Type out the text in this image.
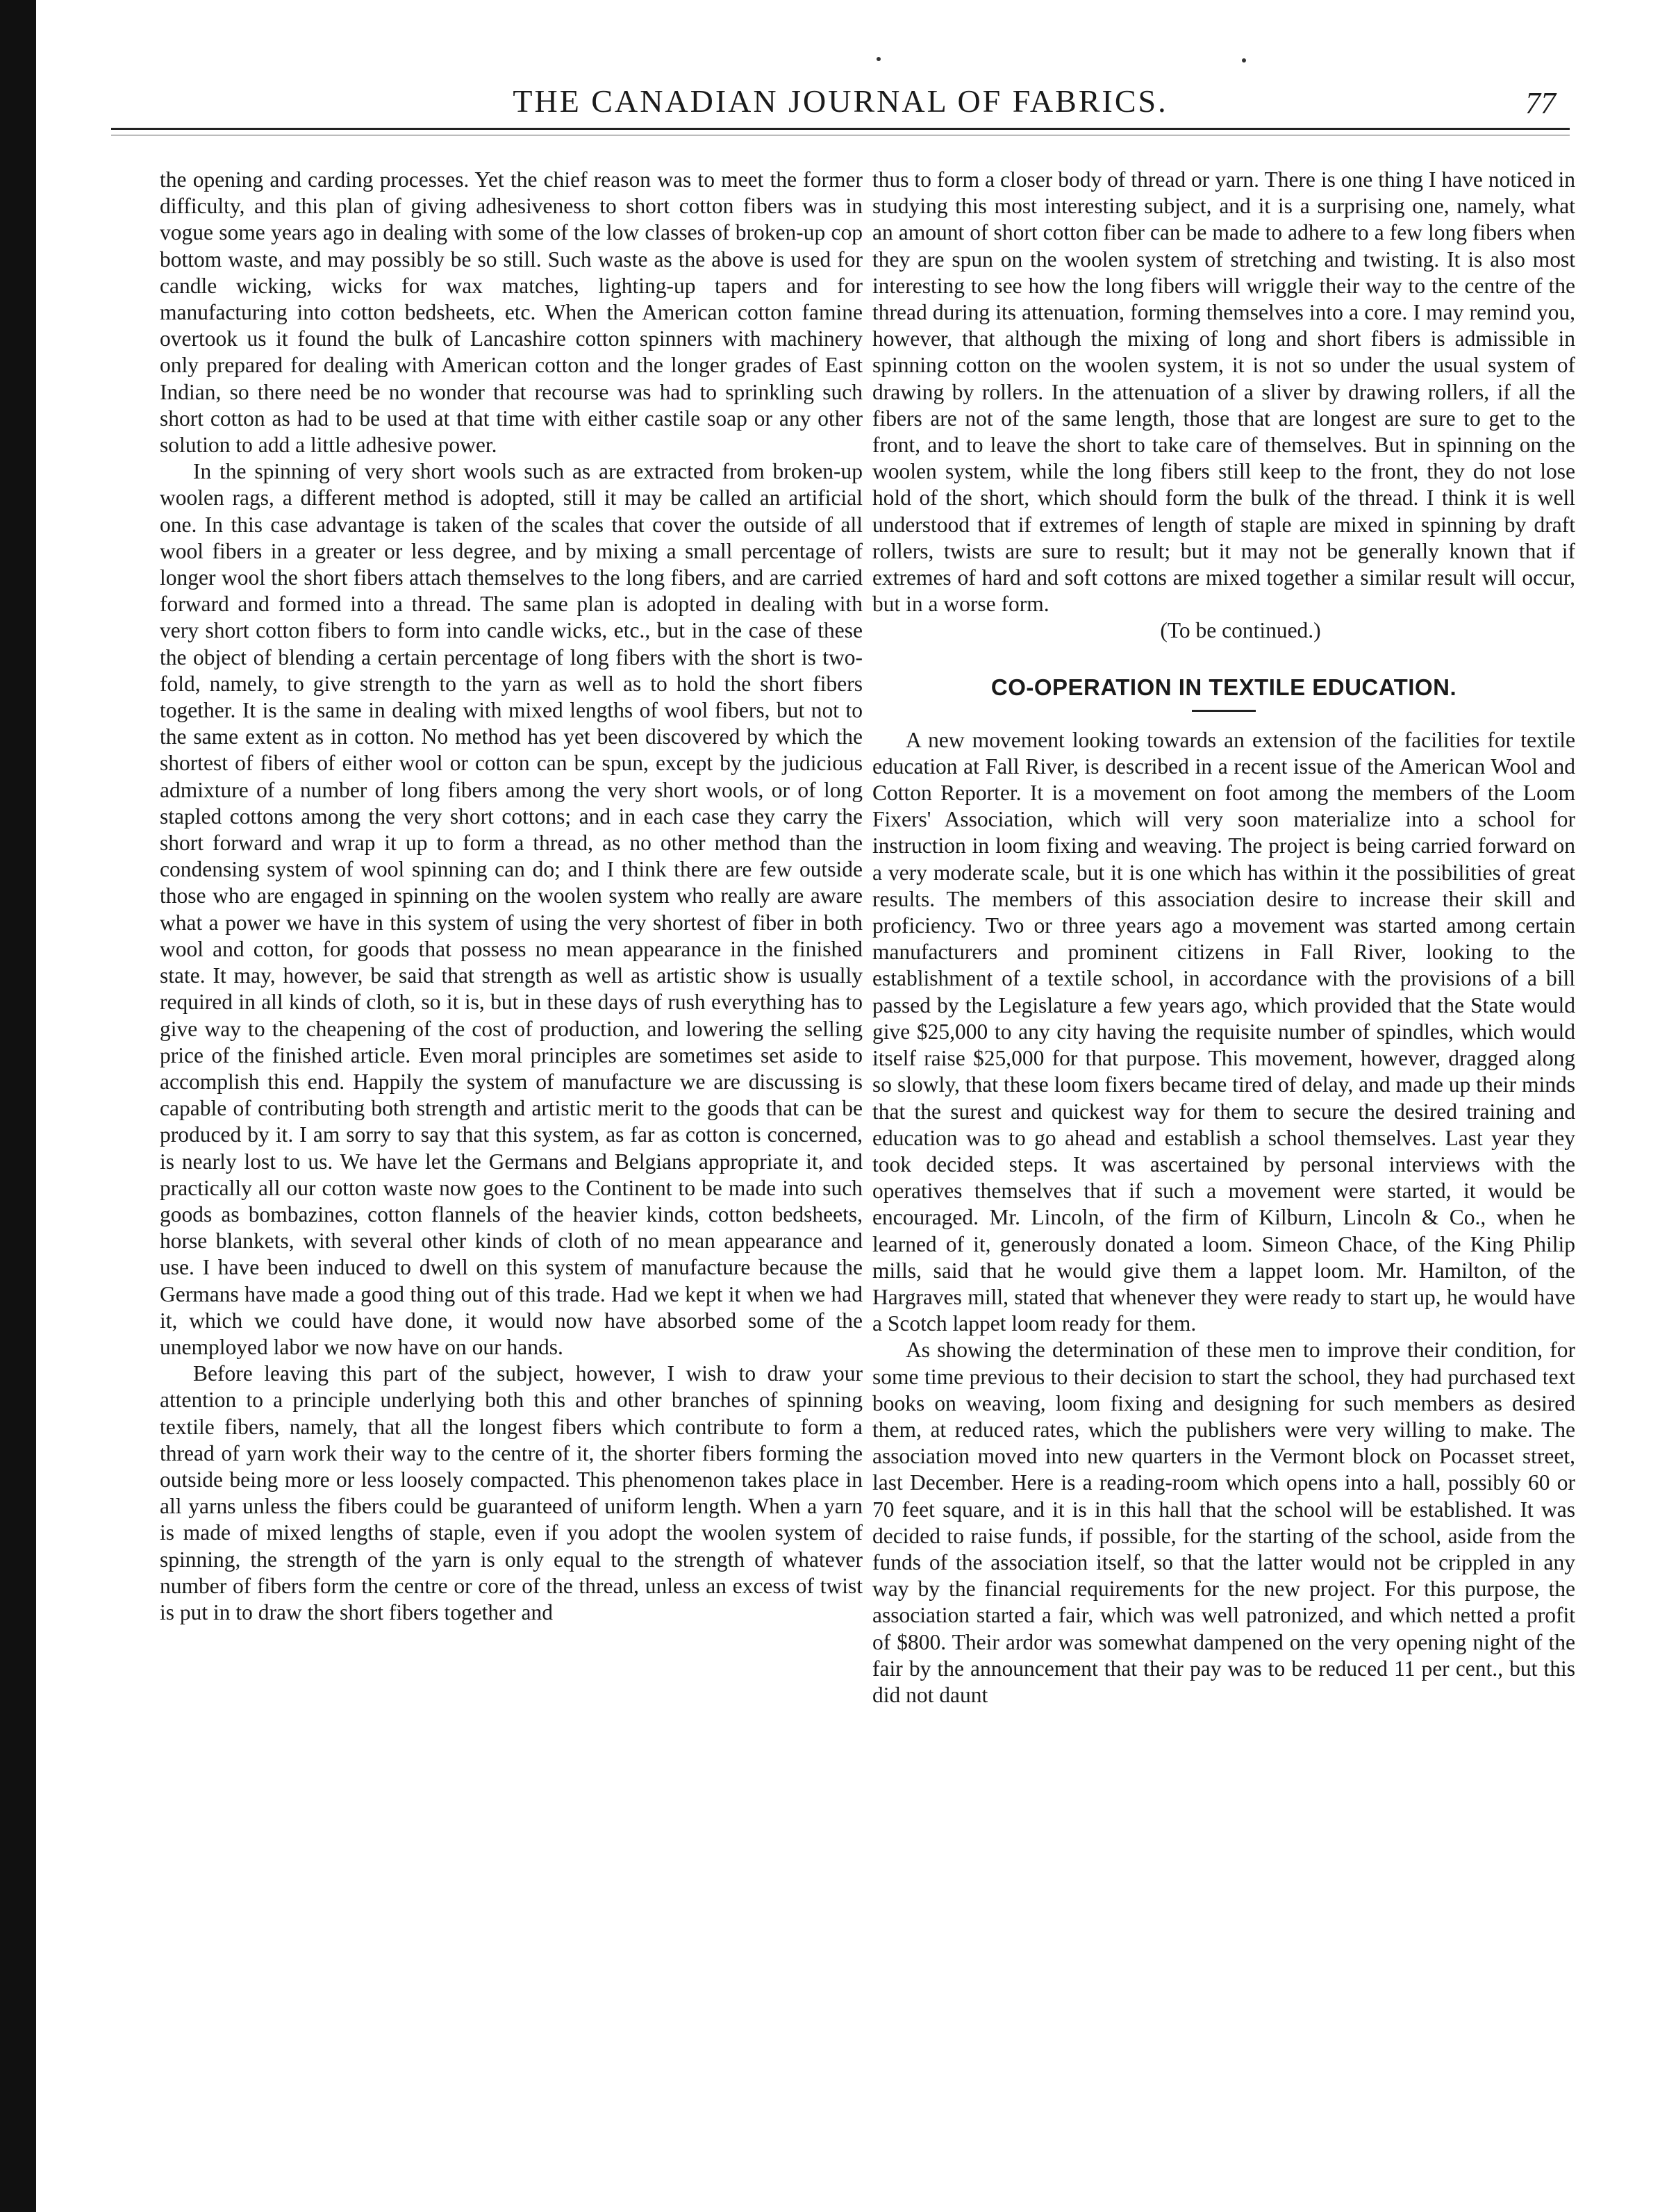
THE CANADIAN JOURNAL OF FABRICS.	77

the opening and carding processes. Yet the chief reason was to meet the former difficulty, and this plan of giving adhesiveness to short cotton fibers was in vogue some years ago in dealing with some of the low classes of broken-up cop bottom waste, and may possibly be so still. Such waste as the above is used for candle wicking, wicks for wax matches, lighting-up tapers and for manufacturing into cotton bedsheets, etc. When the American cotton famine overtook us it found the bulk of Lancashire cotton spinners with machinery only prepared for dealing with American cotton and the longer grades of East Indian, so there need be no wonder that recourse was had to sprinkling such short cotton as had to be used at that time with either castile soap or any other solution to add a little adhesive power.

In the spinning of very short wools such as are extracted from broken-up woolen rags, a different method is adopted, still it may be called an artificial one. In this case advantage is taken of the scales that cover the outside of all wool fibers in a greater or less degree, and by mixing a small percentage of longer wool the short fibers attach themselves to the long fibers, and are carried forward and formed into a thread. The same plan is adopted in dealing with very short cotton fibers to form into candle wicks, etc., but in the case of these the object of blending a certain percentage of long fibers with the short is two-fold, namely, to give strength to the yarn as well as to hold the short fibers together. It is the same in dealing with mixed lengths of wool fibers, but not to the same extent as in cotton. No method has yet been discovered by which the shortest of fibers of either wool or cotton can be spun, except by the judicious admixture of a number of long fibers among the very short wools, or of long stapled cottons among the very short cottons; and in each case they carry the short forward and wrap it up to form a thread, as no other method than the condensing system of wool spinning can do; and I think there are few outside those who are engaged in spinning on the woolen system who really are aware what a power we have in this system of using the very shortest of fiber in both wool and cotton, for goods that possess no mean appearance in the finished state. It may, however, be said that strength as well as artistic show is usually required in all kinds of cloth, so it is, but in these days of rush everything has to give way to the cheapening of the cost of production, and lowering the selling price of the finished article. Even moral principles are sometimes set aside to accomplish this end. Happily the system of manufacture we are discussing is capable of contributing both strength and artistic merit to the goods that can be produced by it. I am sorry to say that this system, as far as cotton is concerned, is nearly lost to us. We have let the Germans and Belgians appropriate it, and practically all our cotton waste now goes to the Continent to be made into such goods as bombazines, cotton flannels of the heavier kinds, cotton bedsheets, horse blankets, with several other kinds of cloth of no mean appearance and use. I have been induced to dwell on this system of manufacture because the Germans have made a good thing out of this trade. Had we kept it when we had it, which we could have done, it would now have absorbed some of the unemployed labor we now have on our hands.

Before leaving this part of the subject, however, I wish to draw your attention to a principle underlying both this and other branches of spinning textile fibers, namely, that all the longest fibers which contribute to form a thread of yarn work their way to the centre of it, the shorter fibers forming the outside being more or less loosely compacted. This phenomenon takes place in all yarns unless the fibers could be guaranteed of uniform length. When a yarn is made of mixed lengths of staple, even if you adopt the woolen system of spinning, the strength of the yarn is only equal to the strength of whatever number of fibers form the centre or core of the thread, unless an excess of twist is put in to draw the short fibers together and

thus to form a closer body of thread or yarn. There is one thing I have noticed in studying this most interesting subject, and it is a surprising one, namely, what an amount of short cotton fiber can be made to adhere to a few long fibers when they are spun on the woolen system of stretching and twisting. It is also most interesting to see how the long fibers will wriggle their way to the centre of the thread during its attenuation, forming themselves into a core. I may remind you, however, that although the mixing of long and short fibers is admissible in spinning cotton on the woolen system, it is not so under the usual system of drawing by rollers. In the attenuation of a sliver by drawing rollers, if all the fibers are not of the same length, those that are longest are sure to get to the front, and to leave the short to take care of themselves. But in spinning on the woolen system, while the long fibers still keep to the front, they do not lose hold of the short, which should form the bulk of the thread. I think it is well understood that if extremes of length of staple are mixed in spinning by draft rollers, twists are sure to result; but it may not be generally known that if extremes of hard and soft cottons are mixed together a similar result will occur, but in a worse form.

(To be continued.)

CO-OPERATION IN TEXTILE EDUCATION.

A new movement looking towards an extension of the facilities for textile education at Fall River, is described in a recent issue of the American Wool and Cotton Reporter. It is a movement on foot among the members of the Loom Fixers' Association, which will very soon materialize into a school for instruction in loom fixing and weaving. The project is being carried forward on a very moderate scale, but it is one which has within it the possibilities of great results. The members of this association desire to increase their skill and proficiency. Two or three years ago a movement was started among certain manufacturers and prominent citizens in Fall River, looking to the establishment of a textile school, in accordance with the provisions of a bill passed by the Legislature a few years ago, which provided that the State would give $25,000 to any city having the requisite number of spindles, which would itself raise $25,000 for that purpose. This movement, however, dragged along so slowly, that these loom fixers became tired of delay, and made up their minds that the surest and quickest way for them to secure the desired training and education was to go ahead and establish a school themselves. Last year they took decided steps. It was ascertained by personal interviews with the operatives themselves that if such a movement were started, it would be encouraged. Mr. Lincoln, of the firm of Kilburn, Lincoln & Co., when he learned of it, generously donated a loom. Simeon Chace, of the King Philip mills, said that he would give them a lappet loom. Mr. Hamilton, of the Hargraves mill, stated that whenever they were ready to start up, he would have a Scotch lappet loom ready for them.

As showing the determination of these men to improve their condition, for some time previous to their decision to start the school, they had purchased text books on weaving, loom fixing and designing for such members as desired them, at reduced rates, which the publishers were very willing to make. The association moved into new quarters in the Vermont block on Pocasset street, last December. Here is a reading-room which opens into a hall, possibly 60 or 70 feet square, and it is in this hall that the school will be established. It was decided to raise funds, if possible, for the starting of the school, aside from the funds of the association itself, so that the latter would not be crippled in any way by the financial requirements for the new project. For this purpose, the association started a fair, which was well patronized, and which netted a profit of $800. Their ardor was somewhat dampened on the very opening night of the fair by the announcement that their pay was to be reduced 11 per cent., but this did not daunt
